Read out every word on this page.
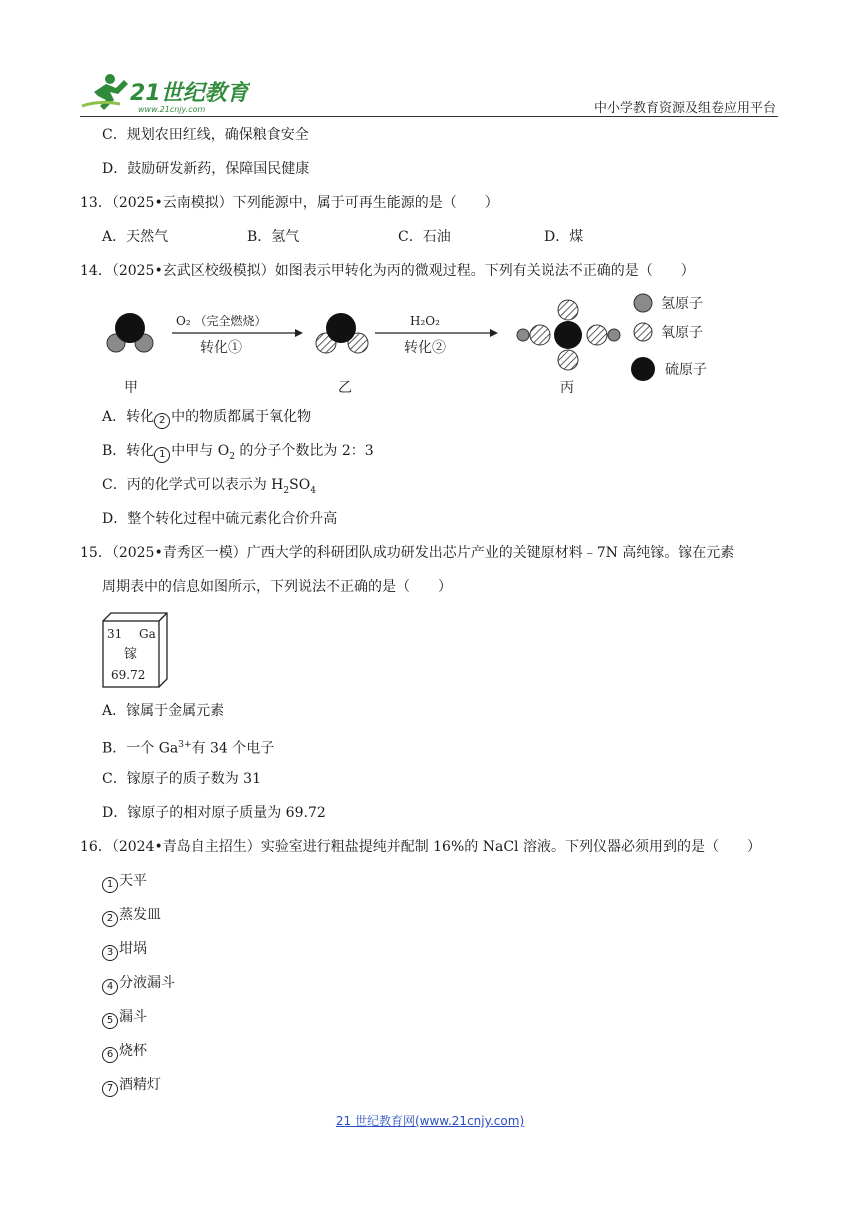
21世纪教育
www.21cnjy.com	中小学教育资源及组卷应用平台
C．规划农田红线，确保粮食安全
D．鼓励研发新药，保障国民健康
13．（2025•云南模拟）下列能源中，属于可再生能源的是（　　）
A．天然气	B．氢气	C．石油	D．煤
14．（2025•玄武区校级模拟）如图表示甲转化为丙的微观过程。下列有关说法不正确的是（　　）
甲
O₂ （完全燃烧）
转化①
乙
H₂O₂
转化②
丙
氢原子
氧原子
硫原子
A．转化 2 中的物质都属于氧化物
B．转化 1 中甲与 $O_2$ 的分子个数比为 2：3
C．丙的化学式可以表示为 $H_2SO_4$
D．整个转化过程中硫元素化合价升高
15．（2025•青秀区一模）广西大学的科研团队成功研发出芯片产业的关键原材料﹣7N 高纯镓。镓在元素
周期表中的信息如图所示，下列说法不正确的是（　　）
31 Ga
镓
69.72
A．镓属于金属元素
B．一个 $Ga^{3+}$有 34 个电子
C．镓原子的质子数为 31
D．镓原子的相对原子质量为 69.72
16．（2024•青岛自主招生）实验室进行粗盐提纯并配制 16%的 NaCl 溶液。下列仪器必须用到的是（　　）
1 天平
2 蒸发皿
3 坩埚
4 分液漏斗
5 漏斗
6 烧杯
7 酒精灯
21 世纪教育网(www.21cnjy.com)
